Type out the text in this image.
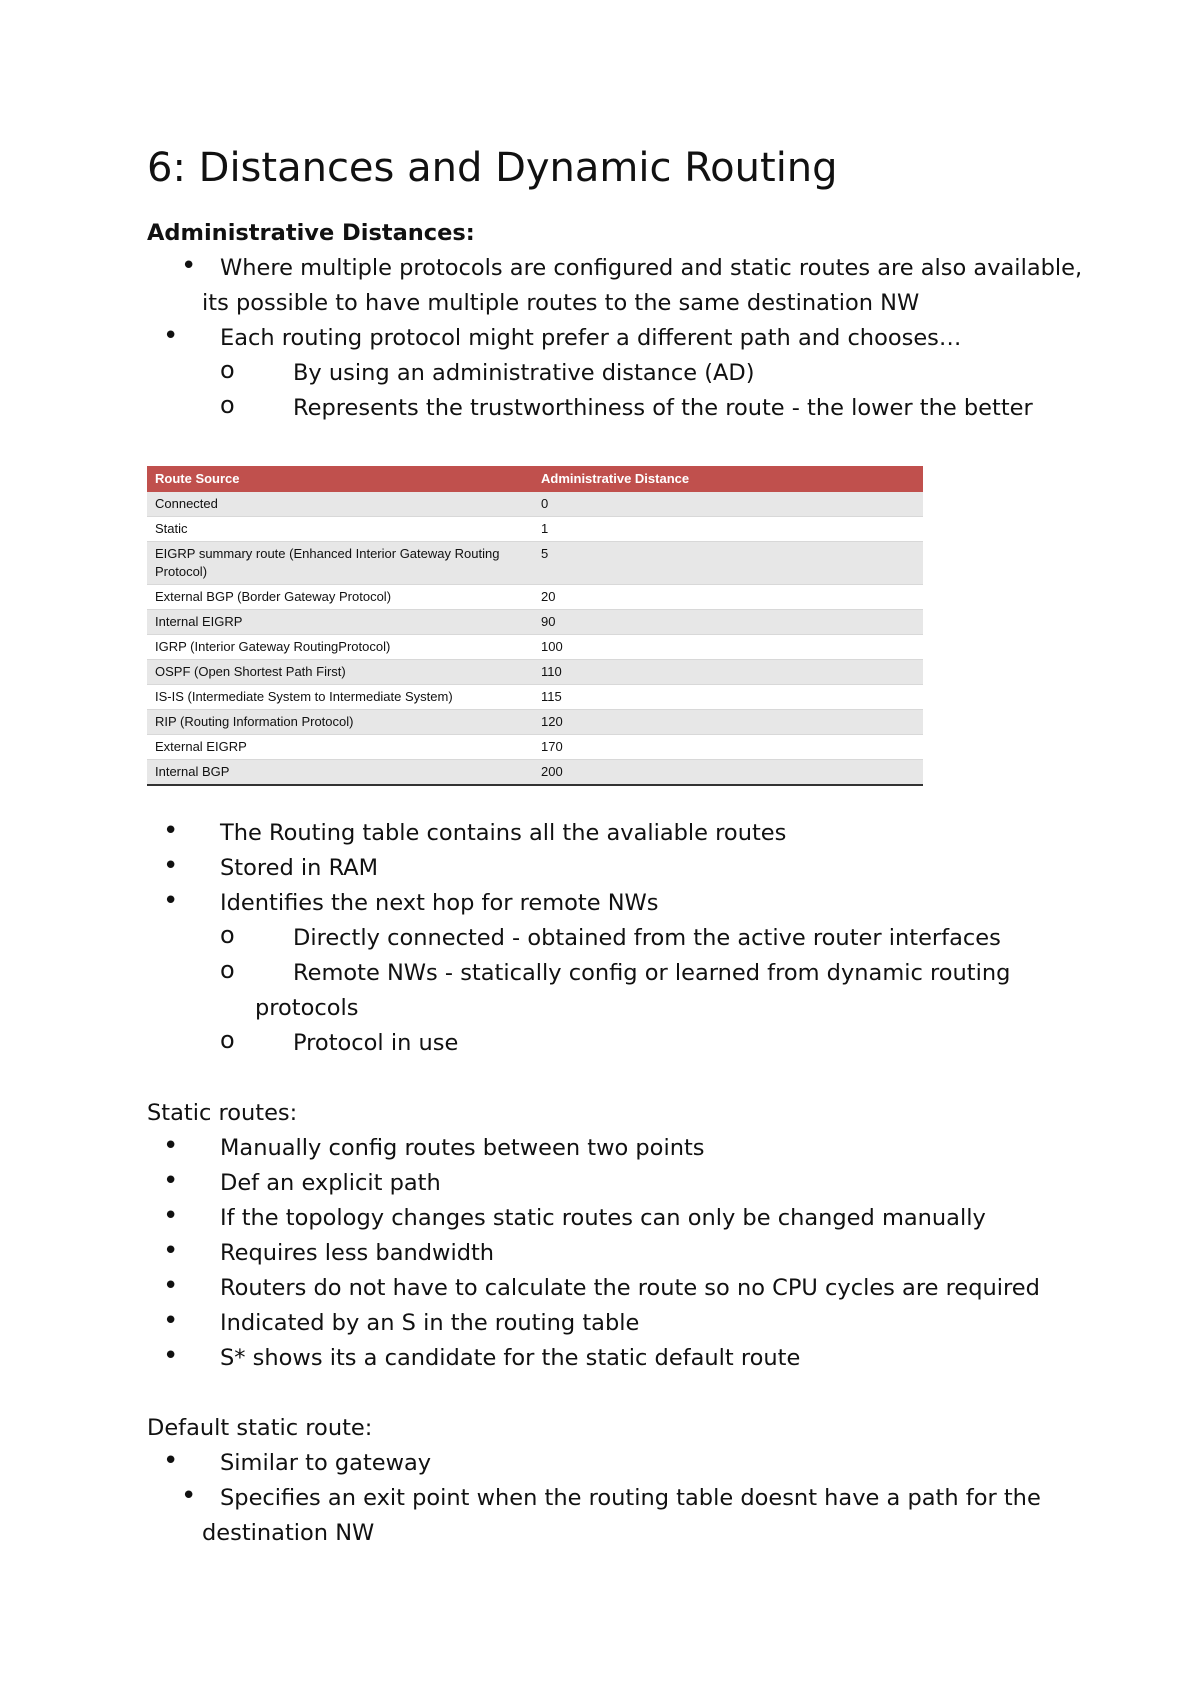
6: Distances and Dynamic Routing

Administrative Distances:

• Where multiple protocols are configured and static routes are also available, its possible to have multiple routes to the same destination NW
• Each routing protocol might prefer a different path and chooses…
o By using an administrative distance (AD)
o Represents the trustworthiness of the route - the lower the better
Route Source	Administrative Distance
Connected	0
Static	1
EIGRP summary route (Enhanced Interior Gateway Routing Protocol)	5
External BGP (Border Gateway Protocol)	20
Internal EIGRP	90
IGRP (Interior Gateway RoutingProtocol)	100
OSPF (Open Shortest Path First)	110
IS-IS (Intermediate System to Intermediate System)	115
RIP (Routing Information Protocol)	120
External EIGRP	170
Internal BGP	200
• The Routing table contains all the avaliable routes
• Stored in RAM
• Identifies the next hop for remote NWs
o Directly connected - obtained from the active router interfaces
o Remote NWs - statically config or learned from dynamic routing protocols
o Protocol in use

Static routes:

• Manually config routes between two points
• Def an explicit path
• If the topology changes static routes can only be changed manually
• Requires less bandwidth
• Routers do not have to calculate the route so no CPU cycles are required
• Indicated by an S in the routing table
• S* shows its a candidate for the static default route

Default static route:

• Similar to gateway
• Specifies an exit point when the routing table doesnt have a path for the destination NW
